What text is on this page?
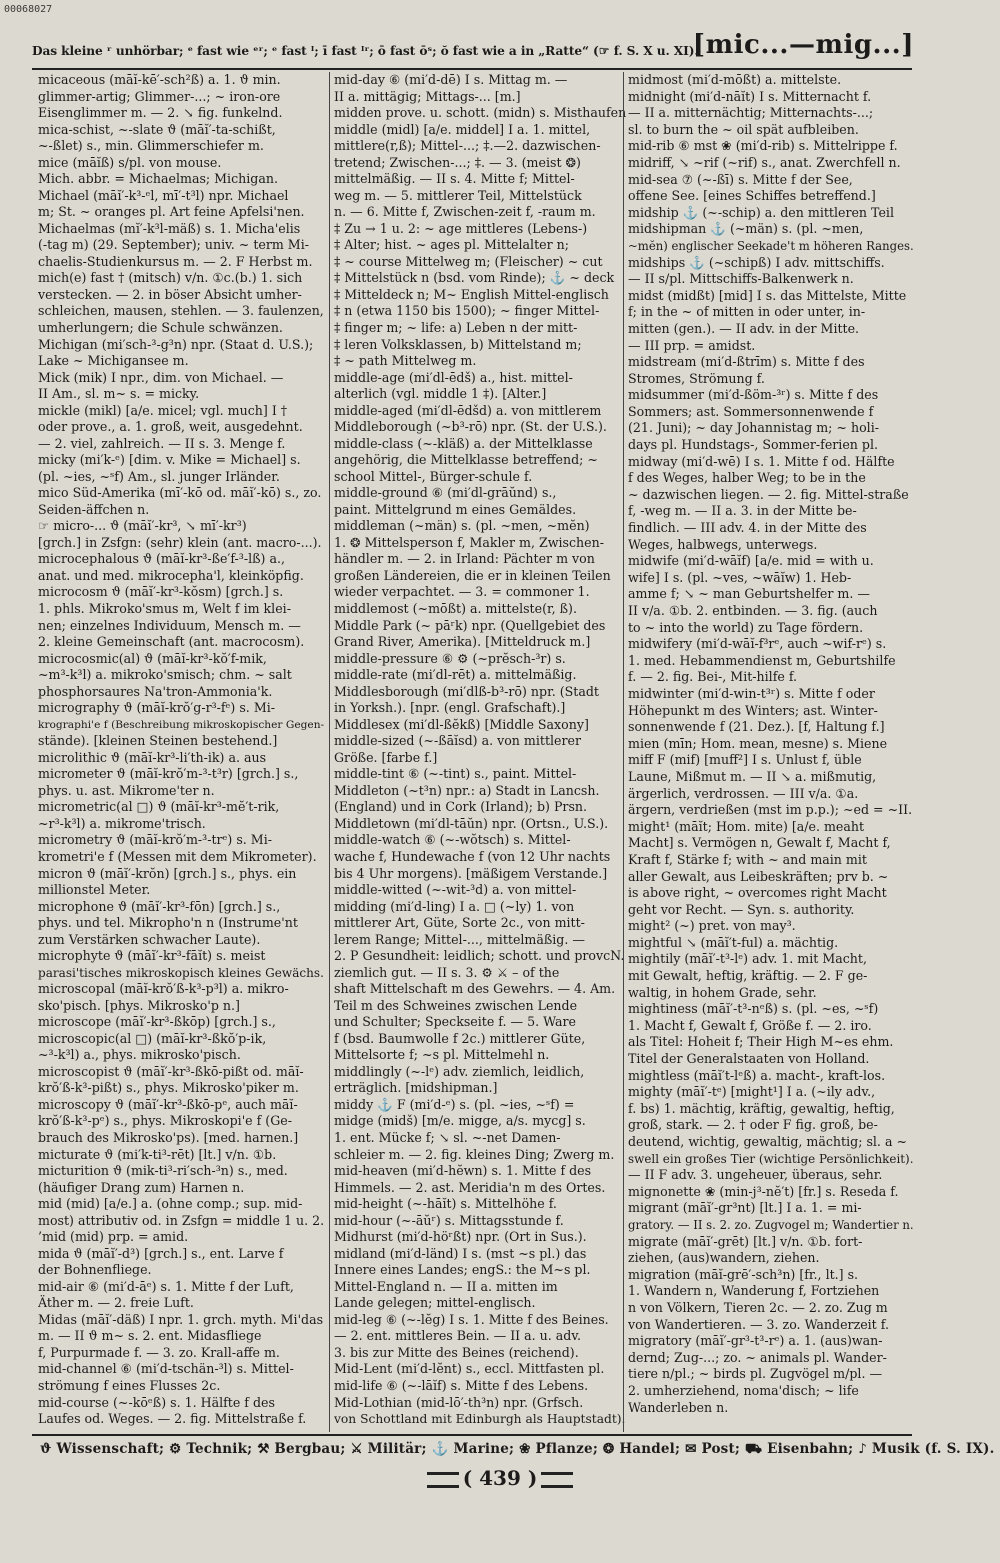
00068027
Das kleine ʳ unhörbar; ᵉ fast wie ᵉʳ; ᵉ fast ᴵ; ī fast ᴵʳ; ō fast ōˢ; ŏ fast wie a in „Ratte“ (☞ f. S. X u. XI).
[mic...—mig...]
micaceous (māĭ-kē′-sch²ß) a. 1. ϑ min.
glimmer-artig; Glimmer-...; ~ iron-ore
Eisenglimmer m. — 2. ↘ fig. funkelnd.
mica-schist, ~-slate ϑ (māĭ′-ta-schißt,
~-ßlet) s., min. Glimmerschiefer m.
mice (māĭß) s/pl. von mouse.
Mich. abbr. = Michaelmas; Michigan.
Michael (māĭ′-k³-ᵉl, mī′-t³l) npr. Michael
m; St. ~ oranges pl. Art feine Apfelsi'nen.
Michaelmas (mĭ′-k³l-mäß) s. 1. Micha'elis
(-tag m) (29. September); univ. ~ term Mi-
chaelis-Studienkursus m. — 2. F Herbst m.
mich(e) fast † (mitsch) v/n. ①c.(b.) 1. sich
verstecken. — 2. in böser Absicht umher-
schleichen, mausen, stehlen. — 3. faulenzen,
umherlungern; die Schule schwänzen.
Michigan (mi′sch-³-g³n) npr. (Staat d. U.S.);
Lake ~ Michigansee m.
Mick (mik) I npr., dim. von Michael. —
II Am., sl. m~ s. = micky.
mickle (mikl) [a/e. micel; vgl. much] I †
oder prove., a. 1. groß, weit, ausgedehnt.
— 2. viel, zahlreich. — II s. 3. Menge f.
micky (mi′k-ᵉ) [dim. v. Mike = Michael] s.
(pl. ~ies, ~ˢf) Am., sl. junger Irländer.
mico Süd-Amerika (mī′-kō od. māĭ′-kō) s., zo.
Seiden-äffchen n.
☞ micro-... ϑ (māĭ′-kr³, ↘ mī′-kr³)
[grch.] in Zsfgn: (sehr) klein (ant. macro-...).
microcephalous ϑ (māĭ-kr³-ße′f-³-lß) a.,
anat. und med. mikrocepha'l, kleinköpfig.
microcosm ϑ (māĭ′-kr³-kŏsm) [grch.] s.
1. phls. Mikroko'smus m, Welt f im klei-
nen; einzelnes Individuum, Mensch m. —
2. kleine Gemeinschaft (ant. macrocosm).
microcosmic(al) ϑ (māĭ-kr³-kŏ′f-mik,
~m³-k³l) a. mikroko'smisch; chm. ~ salt
phosphorsaures Na'tron-Ammonia'k.
micrography ϑ (māĭ-krŏ′g-r³-fᵉ) s. Mi-
krographi'e f (Beschreibung mikroskopischer Gegen-
stände). [kleinen Steinen bestehend.]
microlithic ϑ (māĭ-kr³-li′th-ik) a. aus
micrometer ϑ (māĭ-krŏ′m-³-t³r) [grch.] s.,
phys. u. ast. Mikrome'ter n.
micrometric(al □) ϑ (māĭ-kr³-mĕ′t-rik,
~r³-k³l) a. mikrome'trisch.
micrometry ϑ (māĭ-krŏ′m-³-trᵉ) s. Mi-
krometri'e f (Messen mit dem Mikrometer).
micron ϑ (māĭ′-krŏn) [grch.] s., phys. ein
millionstel Meter.
microphone ϑ (māĭ′-kr³-fōn) [grch.] s.,
phys. und tel. Mikropho'n n (Instrume'nt
zum Verstärken schwacher Laute).
microphyte ϑ (māĭ′-kr³-fāĭt) s. meist
parasi'tisches mikroskopisch kleines Gewächs.
microscopal (māĭ-krŏ′ß-k³-p³l) a. mikro-
sko'pisch. [phys. Mikrosko'p n.]
microscope (māĭ′-kr³-ßkōp) [grch.] s.,
microscopic(al □) (māĭ-kr³-ßkŏ′p-ik,
~³-k³l) a., phys. mikrosko'pisch.
microscopist ϑ (māĭ′-kr³-ßkō-pißt od. māĭ-
krŏ′ß-k³-pißt) s., phys. Mikrosko'piker m.
microscopy ϑ (māĭ′-kr³-ßkō-pᵉ, auch māĭ-
krŏ′ß-k³-pᵉ) s., phys. Mikroskopi'e f (Ge-
brauch des Mikrosko'ps). [med. harnen.]
micturate ϑ (mi′k-ti³-rēt) [lt.] v/n. ①b.
micturition ϑ (mik-ti³-ri′sch-³n) s., med.
(häufiger Drang zum) Harnen n.
mid (mid) [a/e.] a. (ohne comp.; sup. mid-
most) attributiv od. in Zsfgn = middle 1 u. 2.
’mid (mid) prp. = amid.
mida ϑ (māĭ′-d³) [grch.] s., ent. Larve f
der Bohnenfliege.
mid-air ⑥ (mi′d-āᵉ) s. 1. Mitte f der Luft,
Äther m. — 2. freie Luft.
Midas (māĭ′-däß) I npr. 1. grch. myth. Mi'das
m. — II ϑ m~ s. 2. ent. Midasfliege
f, Purpurmade f. — 3. zo. Krall-affe m.
mid-channel ⑥ (mi′d-tschän-³l) s. Mittel-
strömung f eines Flusses 2c.
mid-course (~-kōᵉß) s. 1. Hälfte f des
Laufes od. Weges. — 2. fig. Mittelstraße f.
mid-day ⑥ (mi′d-dē) I s. Mittag m. —
II a. mittägig; Mittags-... [m.]
midden prove. u. schott. (midn) s. Misthaufen
middle (midl) [a/e. middel] I a. 1. mittel,
mittlere(r,ß); Mittel-...; ‡.—2. dazwischen-
tretend; Zwischen-...; ‡. — 3. (meist ❂)
mittelmäßig. — II s. 4. Mitte f; Mittel-
weg m. — 5. mittlerer Teil, Mittelstück
n. — 6. Mitte f, Zwischen-zeit f, -raum m.
‡ Zu → 1 u. 2: ~ age mittleres (Lebens-)
‡ Alter; hist. ~ ages pl. Mittelalter n;
‡ ~ course Mittelweg m; (Fleischer) ~ cut
‡ Mittelstück n (bsd. vom Rinde); ⚓ ~ deck
‡ Mitteldeck n; M~ English Mittel-englisch
‡ n (etwa 1150 bis 1500); ~ finger Mittel-
‡ finger m; ~ life: a) Leben n der mitt-
‡ leren Volksklassen, b) Mittelstand m;
‡ ~ path Mittelweg m.
middle-age (mi′dl-ēdš) a., hist. mittel-
alterlich (vgl. middle 1 ‡). [Alter.]
middle-aged (mi′dl-ēdšd) a. von mittlerem
Middleborough (~b³-rō) npr. (St. der U.S.).
middle-class (~-kläß) a. der Mittelklasse
angehörig, die Mittelklasse betreffend; ~
school Mittel-, Bürger-schule f.
middle-ground ⑥ (mi′dl-grāŭnd) s.,
paint. Mittelgrund m eines Gemäldes.
middleman (~män) s. (pl. ~men, ~mĕn)
1. ❂ Mittelsperson f, Makler m, Zwischen-
händler m. — 2. in Irland: Pächter m von
großen Ländereien, die er in kleinen Teilen
wieder verpachtet. — 3. = commoner 1.
middlemost (~mōßt) a. mittelste(r, ß).
Middle Park (~ pāʳk) npr. (Quellgebiet des
Grand River, Amerika). [Mitteldruck m.]
middle-pressure ⑥ ⚙ (~prĕsch-³r) s.
middle-rate (mi′dl-rēt) a. mittelmäßig.
Middlesborough (mi′dlß-b³-rō) npr. (Stadt
in Yorksh.). [npr. (engl. Grafschaft).]
Middlesex (mi′dl-ßĕkß) [Middle Saxony]
middle-sized (~-ßāĭsd) a. von mittlerer
Größe. [farbe f.]
middle-tint ⑥ (~-tint) s., paint. Mittel-
Middleton (~t³n) npr.: a) Stadt in Lancsh.
(England) und in Cork (Irland); b) Prsn.
Middletown (mi′dl-tāŭn) npr. (Ortsn., U.S.).
middle-watch ⑥ (~-wŏtsch) s. Mittel-
wache f, Hundewache f (von 12 Uhr nachts
bis 4 Uhr morgens). [mäßigem Verstande.]
middle-witted (~-wit-³d) a. von mittel-
midding (mi′d-ling) I a. □ (~ly) 1. von
mittlerer Art, Güte, Sorte 2c., von mitt-
lerem Range; Mittel-..., mittelmäßig. —
2. P Gesundheit: leidlich; schott. und provcN.
ziemlich gut. — II s. 3. ⚙ ⚔ – of the
shaft Mittelschaft m des Gewehrs. — 4. Am.
Teil m des Schweines zwischen Lende
und Schulter; Speckseite f. — 5. Ware
f (bsd. Baumwolle f 2c.) mittlerer Güte,
Mittelsorte f; ~s pl. Mittelmehl n.
middlingly (~-lᵉ) adv. ziemlich, leidlich,
erträglich. [midshipman.]
middy ⚓ F (mi′d-ᵉ) s. (pl. ~ies, ~ˢf) =
midge (midš) [m/e. migge, a/s. mycg] s.
1. ent. Mücke f; ↘ sl. ~-net Damen-
schleier m. — 2. fig. kleines Ding; Zwerg m.
mid-heaven (mi′d-hĕwn) s. 1. Mitte f des
Himmels. — 2. ast. Meridia'n m des Ortes.
mid-height (~-hāĭt) s. Mittelhöhe f.
mid-hour (~-āŭʳ) s. Mittagsstunde f.
Midhurst (mi′d-höʳßt) npr. (Ort in Sus.).
midland (mi′d-länd) I s. (mst ~s pl.) das
Innere eines Landes; engS.: the M~s pl.
Mittel-England n. — II a. mitten im
Lande gelegen; mittel-englisch.
mid-leg ⑥ (~-lĕg) I s. 1. Mitte f des Beines.
— 2. ent. mittleres Bein. — II a. u. adv.
3. bis zur Mitte des Beines (reichend).
Mid-Lent (mi′d-lĕnt) s., eccl. Mittfasten pl.
mid-life ⑥ (~-lāĭf) s. Mitte f des Lebens.
Mid-Lothian (mid-lō′-th³n) npr. (Grfsch.
von Schottland mit Edinburgh als Hauptstadt).
midmost (mi′d-mōßt) a. mittelste.
midnight (mi′d-nāĭt) I s. Mitternacht f.
— II a. mitternächtig; Mitternachts-...;
sl. to burn the ~ oil spät aufbleiben.
mid-rib ⑥ mst ❀ (mi′d-rib) s. Mittelrippe f.
midriff, ↘ ~rif (~rif) s., anat. Zwerchfell n.
mid-sea ⑦ (~-ßī) s. Mitte f der See,
offene See. [eines Schiffes betreffend.]
midship ⚓ (~-schip) a. den mittleren Teil
midshipman ⚓ (~män) s. (pl. ~men,
~mĕn) englischer Seekade't m höheren Ranges.
midships ⚓ (~schipß) I adv. mittschiffs.
— II s/pl. Mittschiffs-Balkenwerk n.
midst (midßt) [mid] I s. das Mittelste, Mitte
f; in the ~ of mitten in oder unter, in-
mitten (gen.). — II adv. in der Mitte.
— III prp. = amidst.
midstream (mi′d-ßtrīm) s. Mitte f des
Stromes, Strömung f.
midsummer (mi′d-ßöm-³ʳ) s. Mitte f des
Sommers; ast. Sommersonnenwende f
(21. Juni); ~ day Johannistag m; ~ holi-
days pl. Hundstags-, Sommer-ferien pl.
midway (mi′d-wē) I s. 1. Mitte f od. Hälfte
f des Weges, halber Weg; to be in the
~ dazwischen liegen. — 2. fig. Mittel-straße
f, -weg m. — II a. 3. in der Mitte be-
findlich. — III adv. 4. in der Mitte des
Weges, halbwegs, unterwegs.
midwife (mi′d-wāĭf) [a/e. mid = with u.
wife] I s. (pl. ~ves, ~wāĭw) 1. Heb-
amme f; ↘ ~ man Geburtshelfer m. —
II v/a. ①b. 2. entbinden. — 3. fig. (auch
to ~ into the world) zu Tage fördern.
midwifery (mi′d-wāĭ-f³rᵉ, auch ~wif-rᵉ) s.
1. med. Hebammendienst m, Geburtshilfe
f. — 2. fig. Bei-, Mit-hilfe f.
midwinter (mi′d-win-t³ʳ) s. Mitte f oder
Höhepunkt m des Winters; ast. Winter-
sonnenwende f (21. Dez.). [f, Haltung f.]
mien (mīn; Hom. mean, mesne) s. Miene
miff F (mif) [muff²] I s. Unlust f, üble
Laune, Mißmut m. — II ↘ a. mißmutig,
ärgerlich, verdrossen. — III v/a. ①a.
ärgern, verdrießen (mst im p.p.); ~ed = ~II.
might¹ (māĭt; Hom. mite) [a/e. meaht
Macht] s. Vermögen n, Gewalt f, Macht f,
Kraft f, Stärke f; with ~ and main mit
aller Gewalt, aus Leibeskräften; prv b. ~
is above right, ~ overcomes right Macht
geht vor Recht. — Syn. s. authority.
might² (~) pret. von may³.
mightful ↘ (māĭ′t-ful) a. mächtig.
mightily (māĭ′-t³-lᵉ) adv. 1. mit Macht,
mit Gewalt, heftig, kräftig. — 2. F ge-
waltig, in hohem Grade, sehr.
mightiness (māĭ′-t³-nᵉß) s. (pl. ~es, ~ˢf)
1. Macht f, Gewalt f, Größe f. — 2. iro.
als Titel: Hoheit f; Their High M~es ehm.
Titel der Generalstaaten von Holland.
mightless (māĭ′t-lᵉß) a. macht-, kraft-los.
mighty (māĭ′-tᵉ) [might¹] I a. (~ily adv.,
f. bs) 1. mächtig, kräftig, gewaltig, heftig,
groß, stark. — 2. † oder F fig. groß, be-
deutend, wichtig, gewaltig, mächtig; sl. a ~
swell ein großes Tier (wichtige Persönlichkeit).
— II F adv. 3. ungeheuer, überaus, sehr.
mignonette ❀ (min-j³-nĕ′t) [fr.] s. Reseda f.
migrant (māĭ′-gr³nt) [lt.] I a. 1. = mi-
gratory. — II s. 2. zo. Zugvogel m; Wandertier n.
migrate (māĭ′-grēt) [lt.] v/n. ①b. fort-
ziehen, (aus)wandern, ziehen.
migration (māĭ-grē′-sch³n) [fr., lt.] s.
1. Wandern n, Wanderung f, Fortziehen
n von Völkern, Tieren 2c. — 2. zo. Zug m
von Wandertieren. — 3. zo. Wanderzeit f.
migratory (māĭ′-gr³-t³-rᵉ) a. 1. (aus)wan-
dernd; Zug-...; zo. ~ animals pl. Wander-
tiere n/pl.; ~ birds pl. Zugvögel m/pl. —
2. umherziehend, noma'disch; ~ life
Wanderleben n.
ϑ Wissenschaft; ⚙ Technik; ⚒ Bergbau; ⚔ Militär; ⚓ Marine; ❀ Pflanze; ❂ Handel; ✉ Post; ⛟ Eisenbahn; ♪ Musik (f. S. IX).
( 439 )
